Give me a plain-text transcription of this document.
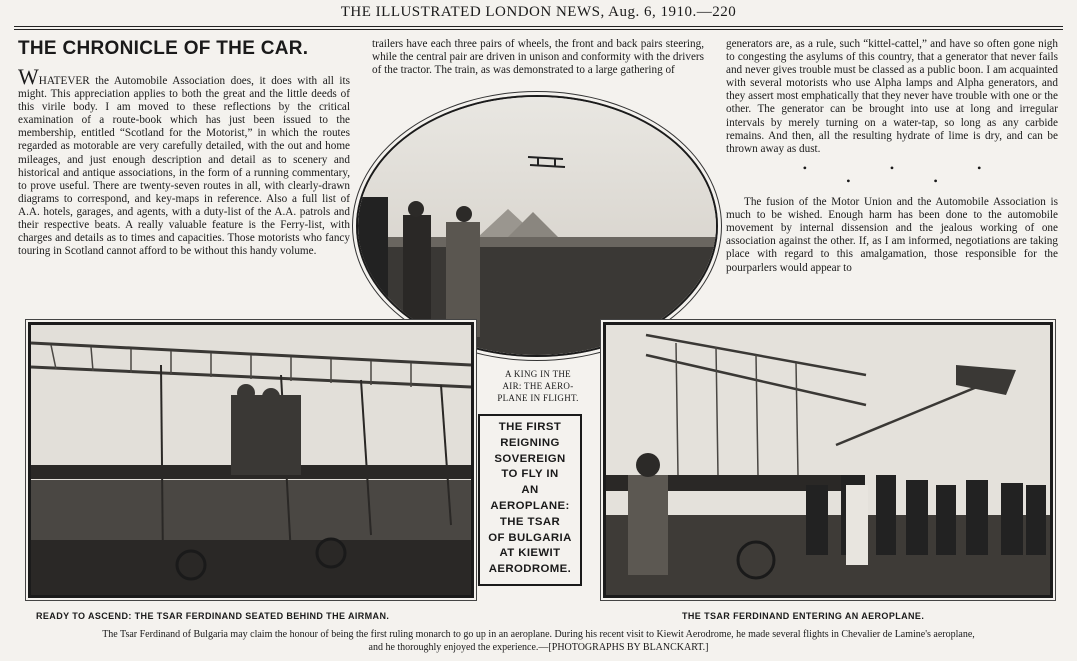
THE ILLUSTRATED LONDON NEWS, Aug. 6, 1910.—220
THE CHRONICLE OF THE CAR.

WHATEVER the Automobile Association does, it does with all its might. This appreciation applies to both the great and the little deeds of this virile body. I am moved to these reflections by the critical examination of a route-book which has just been issued to the membership, entitled “Scotland for the Motorist,” in which the routes regarded as motorable are very carefully detailed, with the out and home mileages, and just enough description and detail as to scenery and historical and antique associations, in the form of a running commentary, to prove useful. There are twenty-seven routes in all, with clearly-drawn diagrams to correspond, and key-maps in reference. Also a full list of A.A. hotels, garages, and agents, with a duty-list of the A.A. patrols and their respective beats. A really valuable feature is the Ferry-list, with charges and details as to times and capacities. Those motorists who fancy touring in Scotland cannot afford to be without this handy volume.

trailers have each three pairs of wheels, the front and back pairs steering, while the central pair are driven in unison and conformity with the drivers of the tractor. The train, as was demonstrated to a large gathering of

generators are, as a rule, such “kittel-cattel,” and have so often gone nigh to congesting the asylums of this country, that a generator that never fails and never gives trouble must be classed as a public boon. I am acquainted with several motorists who use Alpha lamps and Alpha generators, and they assert most emphatically that they never have trouble with one or the other. The generator can be brought into use at long and irregular intervals by merely turning on a water-tap, so long as any carbide remains. And then, all the resulting hydrate of lime is dry, and can be thrown away as dust.

• • • • •

The fusion of the Motor Union and the Automobile Association is much to be wished. Enough harm has been done to the automobile movement by internal dissension and the jealous working of one association against the other. If, as I am informed, negotiations are taking place with regard to this amalgamation, those responsible for the pourparlers would appear to

A KING IN THE
AIR: THE AERO-
PLANE IN FLIGHT.
THE FIRST
REIGNING
SOVEREIGN
TO FLY IN
AN
AEROPLANE:
THE TSAR
OF BULGARIA
AT KIEWIT
AERODROME.
READY TO ASCEND: THE TSAR FERDINAND SEATED BEHIND THE AIRMAN.	THE TSAR FERDINAND ENTERING AN AEROPLANE.
The Tsar Ferdinand of Bulgaria may claim the honour of being the first ruling monarch to go up in an aeroplane. During his recent visit to Kiewit Aerodrome, he made several flights in Chevalier de Lamine's aeroplane,
and he thoroughly enjoyed the experience.—[PHOTOGRAPHS BY BLANCKART.]
